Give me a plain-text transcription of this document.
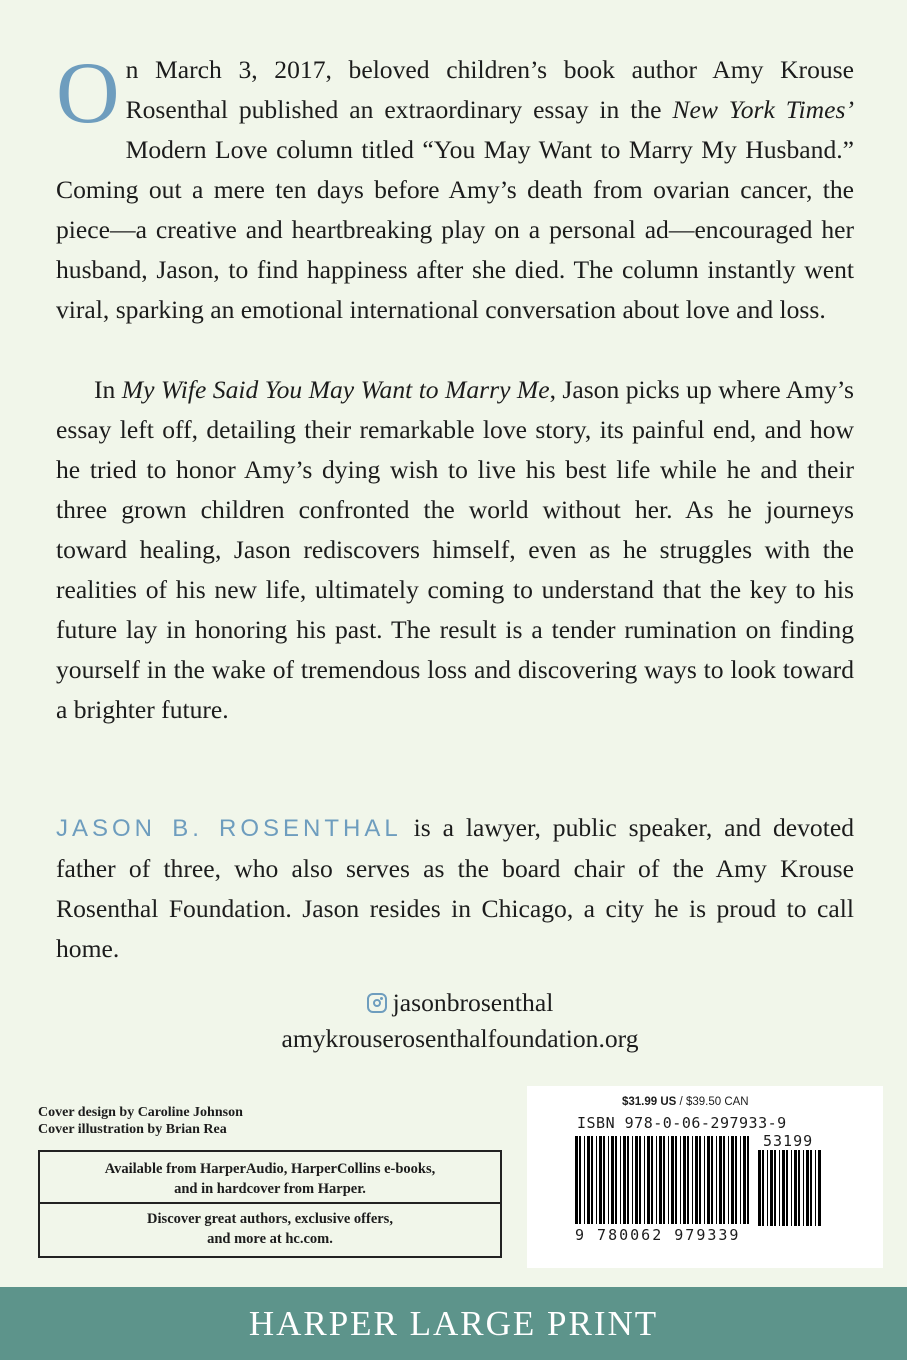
On March 3, 2017, beloved children’s book author Amy Krouse Rosenthal published an extraordinary essay in the New York Times’ Modern Love column titled “You May Want to Marry My Husband.” Coming out a mere ten days before Amy’s death from ovarian cancer, the piece—a creative and heartbreaking play on a personal ad—encouraged her husband, Jason, to find happiness after she died. The column instantly went viral, sparking an emotional international conversation about love and loss.
In My Wife Said You May Want to Marry Me, Jason picks up where Amy’s essay left off, detailing their remarkable love story, its painful end, and how he tried to honor Amy’s dying wish to live his best life while he and their three grown children confronted the world without her. As he journeys toward healing, Jason rediscovers himself, even as he struggles with the realities of his new life, ultimately coming to understand that the key to his future lay in honoring his past. The result is a tender rumination on finding yourself in the wake of tremendous loss and discovering ways to look toward a brighter future.
JASON B. ROSENTHAL is a lawyer, public speaker, and devoted father of three, who also serves as the board chair of the Amy Krouse Rosenthal Foundation. Jason resides in Chicago, a city he is proud to call home.
jasonbrosenthal
amykrouserosenthalfoundation.org
Cover design by Caroline Johnson
Cover illustration by Brian Rea
Available from HarperAudio, HarperCollins e-books,
and in hardcover from Harper.
Discover great authors, exclusive offers,
and more at hc.com.
$31.99 US / $39.50 CAN
ISBN 978-0-06-297933-9
53199
9 780062 979339
HARPER LARGE PRINT
